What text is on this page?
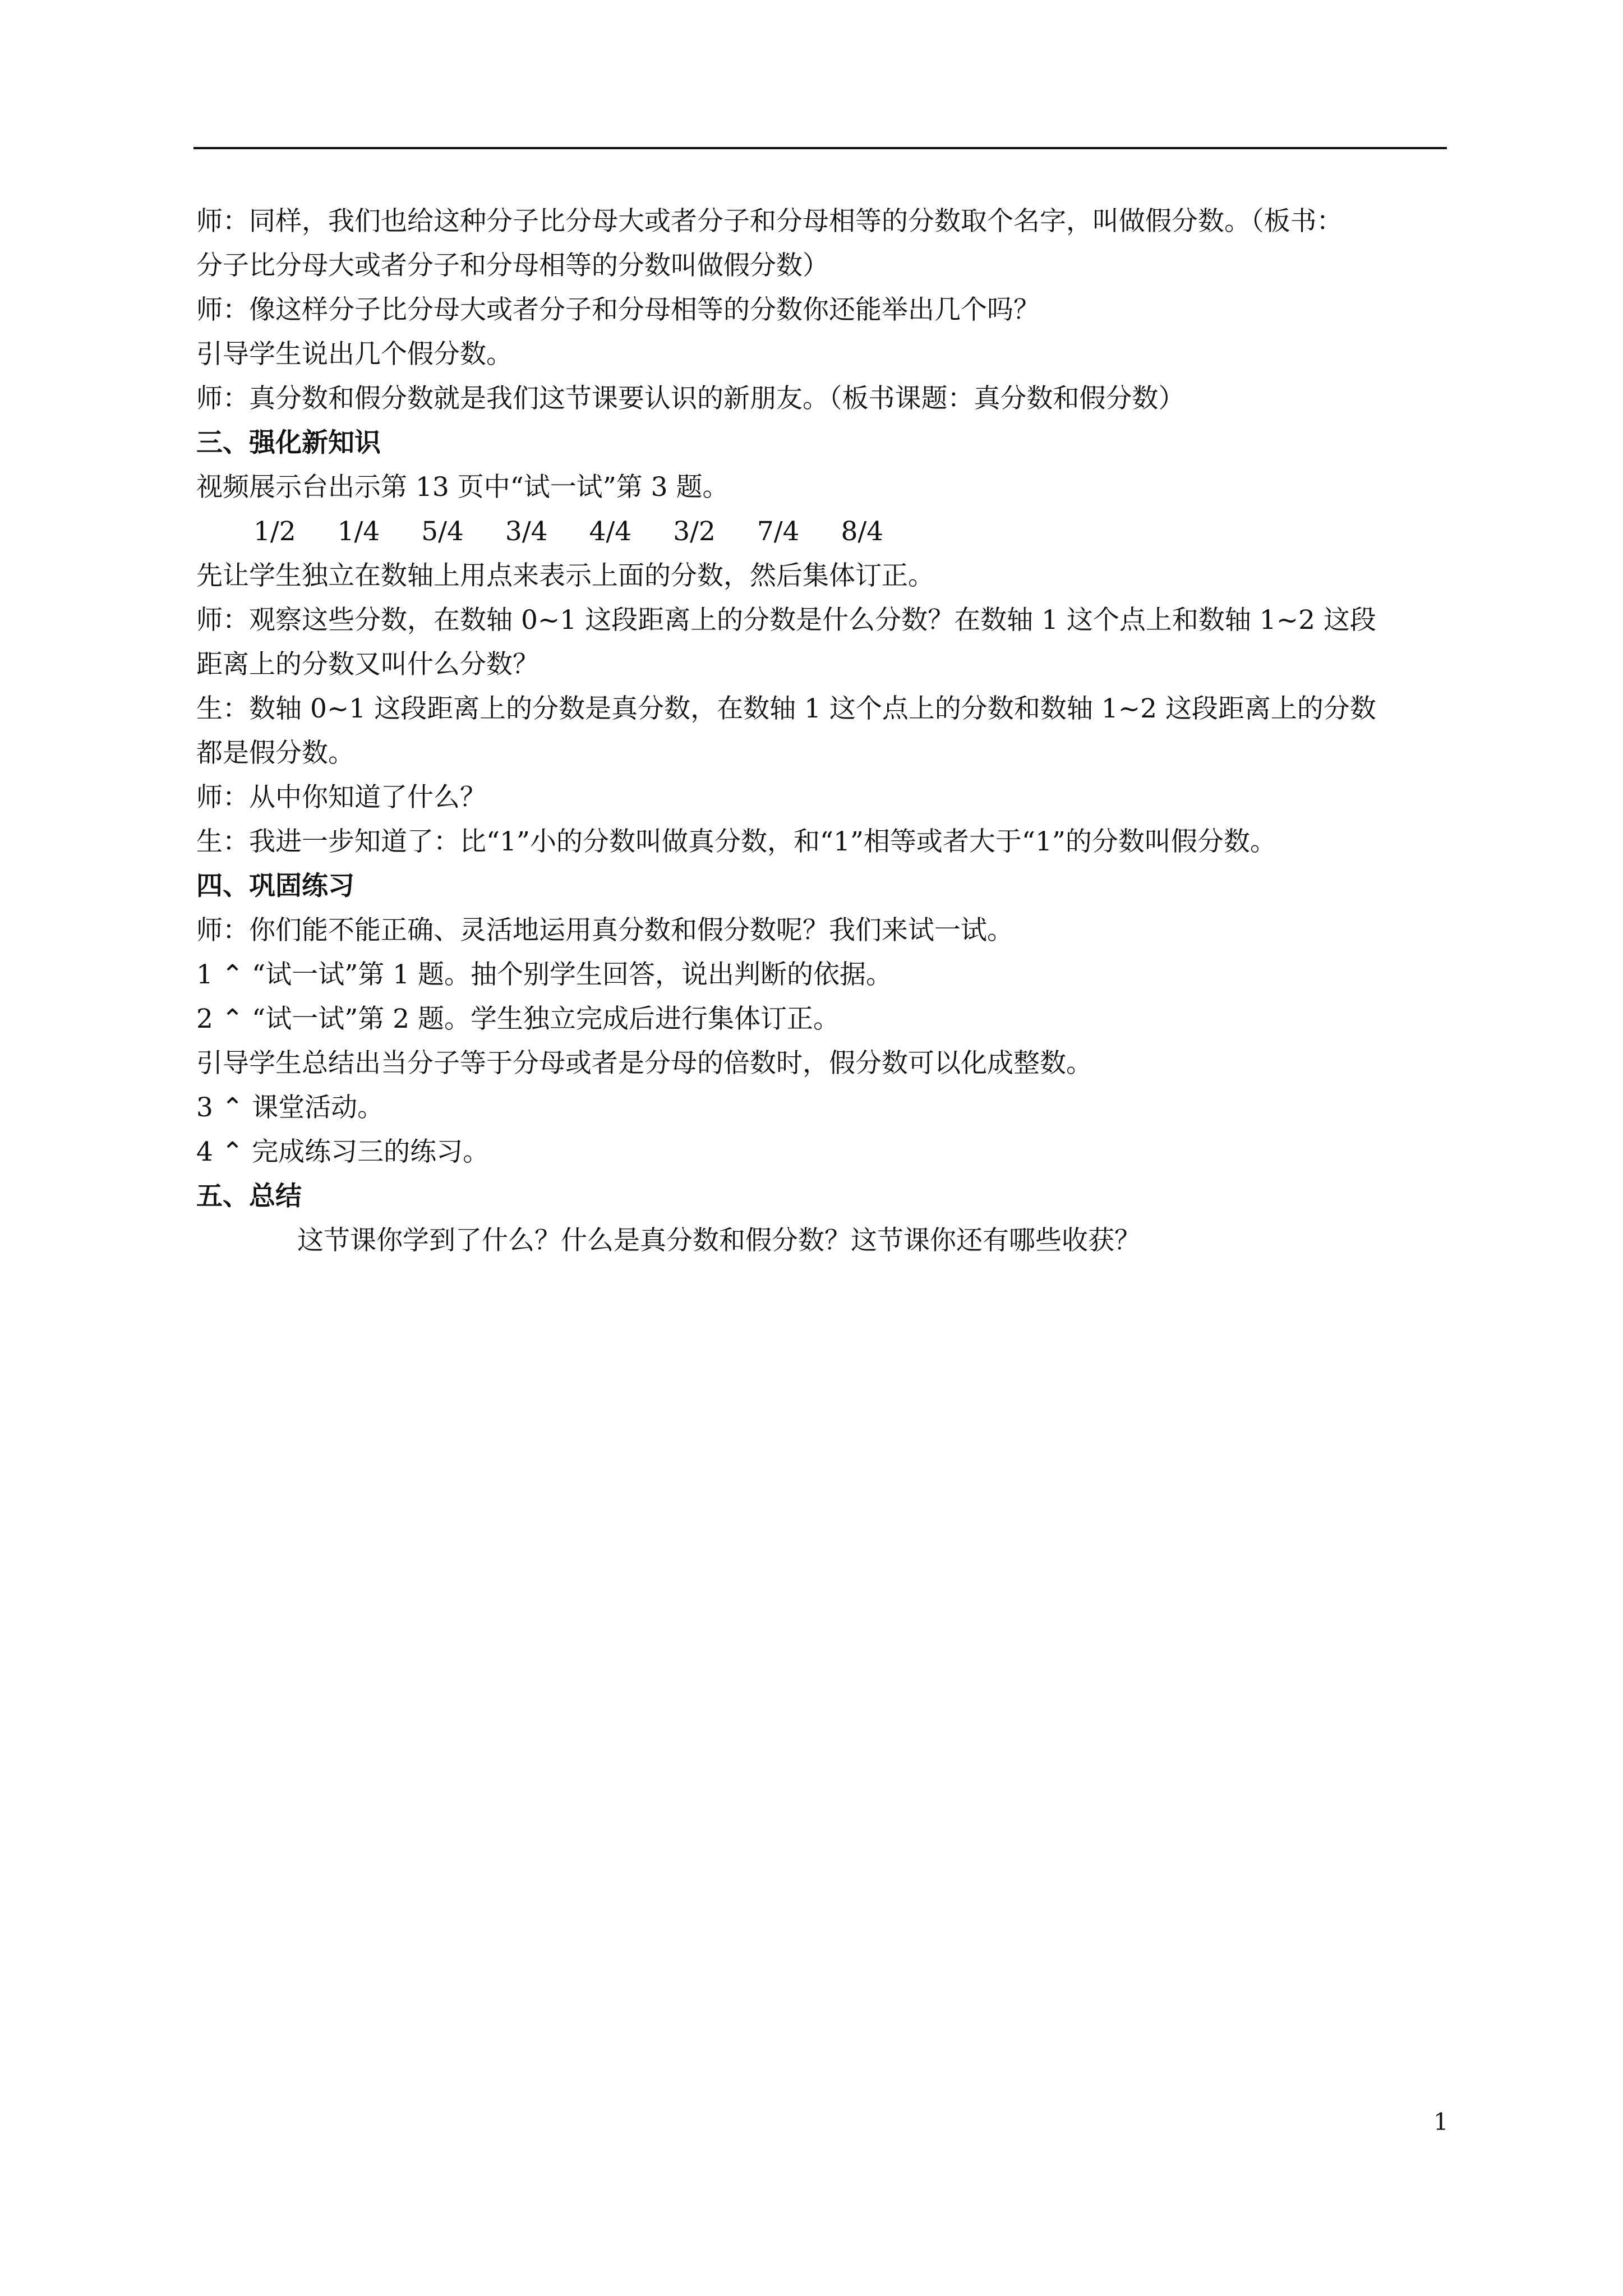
师：同样，我们也给这种分子比分母大或者分子和分母相等的分数取个名字，叫做假分数。（板书：
分子比分母大或者分子和分母相等的分数叫做假分数）
师：像这样分子比分母大或者分子和分母相等的分数你还能举出几个吗？
引导学生说出几个假分数。
师：真分数和假分数就是我们这节课要认识的新朋友。（板书课题：真分数和假分数）
三、强化新知识
视频展示台出示第 13 页中“试一试”第 3 题。
1/2 1/4 5/4 3/4 4/4 3/2 7/4 8/4
先让学生独立在数轴上用点来表示上面的分数，然后集体订正。
师：观察这些分数，在数轴 0~1 这段距离上的分数是什么分数？在数轴 1 这个点上和数轴 1~2 这段
距离上的分数又叫什么分数？
生：数轴 0~1 这段距离上的分数是真分数，在数轴 1 这个点上的分数和数轴 1~2 这段距离上的分数
都是假分数。
师：从中你知道了什么？
生：我进一步知道了：比“1”小的分数叫做真分数，和“1”相等或者大于“1”的分数叫假分数。
四、巩固练习
师：你们能不能正确、灵活地运用真分数和假分数呢？我们来试一试。
1 ⌃ “试一试”第 1 题。抽个别学生回答，说出判断的依据。
2 ⌃ “试一试”第 2 题。学生独立完成后进行集体订正。
引导学生总结出当分子等于分母或者是分母的倍数时，假分数可以化成整数。
3 ⌃ 课堂活动。
4 ⌃ 完成练习三的练习。
五、总结
这节课你学到了什么？什么是真分数和假分数？这节课你还有哪些收获？
1
